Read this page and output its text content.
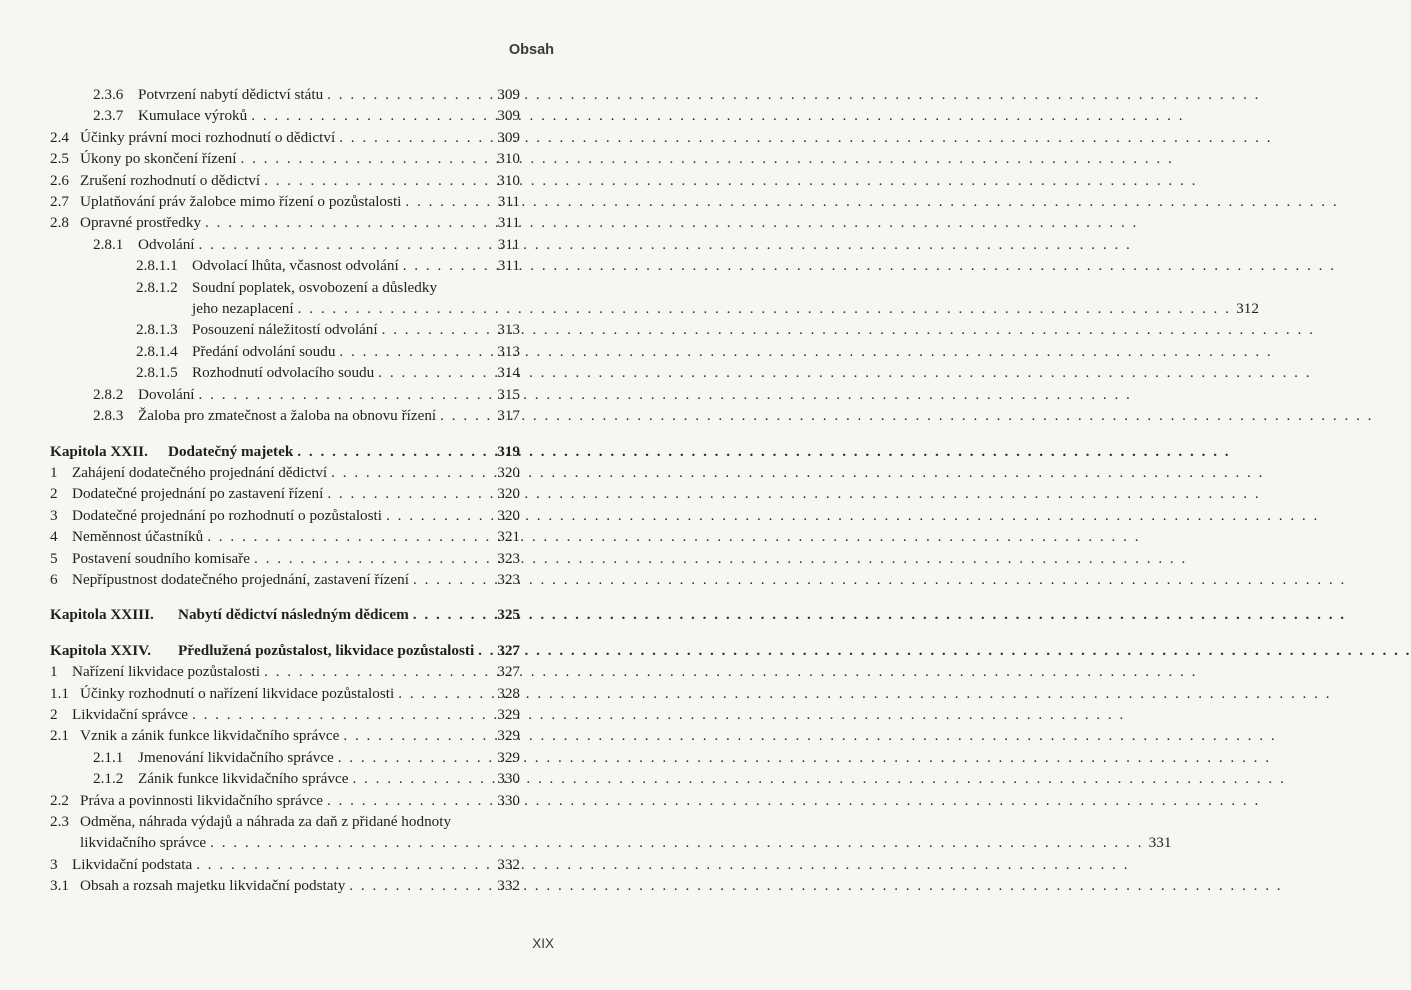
Obsah
2.3.6 Potvrzení nabytí dědictví státu . . .	309
2.3.7 Kumulace výroků . . .	309
2.4 Účinky právní moci rozhodnutí o dědictví . . .	309
2.5 Úkony po skončení řízení . . .	310
2.6 Zrušení rozhodnutí o dědictví . . .	310
2.7 Uplatňování práv žalobce mimo řízení o pozůstalosti . . .	311
2.8 Opravné prostředky . . .	311
2.8.1 Odvolání . . .	311
2.8.1.1 Odvolací lhůta, včasnost odvolání . . .	311
2.8.1.2 Soudní poplatek, osvobození a důsledky
jeho nezaplacení . . .	312
2.8.1.3 Posouzení náležitostí odvolání . . .	313
2.8.1.4 Předání odvolání soudu . . .	313
2.8.1.5 Rozhodnutí odvolacího soudu . . .	314
2.8.2 Dovolání . . .	315
2.8.3 Žaloba pro zmatečnost a žaloba na obnovu řízení . . .	317
Kapitola XXII.	Dodatečný majetek . . .	319
1 Zahájení dodatečného projednání dědictví . . .	320
2 Dodatečné projednání po zastavení řízení . . .	320
3 Dodatečné projednání po rozhodnutí o pozůstalosti . . .	320
4 Neměnnost účastníků . . .	321
5 Postavení soudního komisaře . . .	323
6 Nepřípustnost dodatečného projednání, zastavení řízení . . .	323
Kapitola XXIII.	Nabytí dědictví následným dědicem . . .	325
Kapitola XXIV.	Předlužená pozůstalost, likvidace pozůstalosti . . . 327
1 Nařízení likvidace pozůstalosti . . .	327
1.1 Účinky rozhodnutí o nařízení likvidace pozůstalosti . . .	328
2 Likvidační správce . . .	329
2.1 Vznik a zánik funkce likvidačního správce . . .	329
2.1.1 Jmenování likvidačního správce . . .	329
2.1.2 Zánik funkce likvidačního správce . . .	330
2.2 Práva a povinnosti likvidačního správce . . .	330
2.3 Odměna, náhrada výdajů a náhrada za daň z přidané hodnoty
likvidačního správce . . .	331
3 Likvidační podstata . . .	332
3.1 Obsah a rozsah majetku likvidační podstaty . . .	332
XIX
